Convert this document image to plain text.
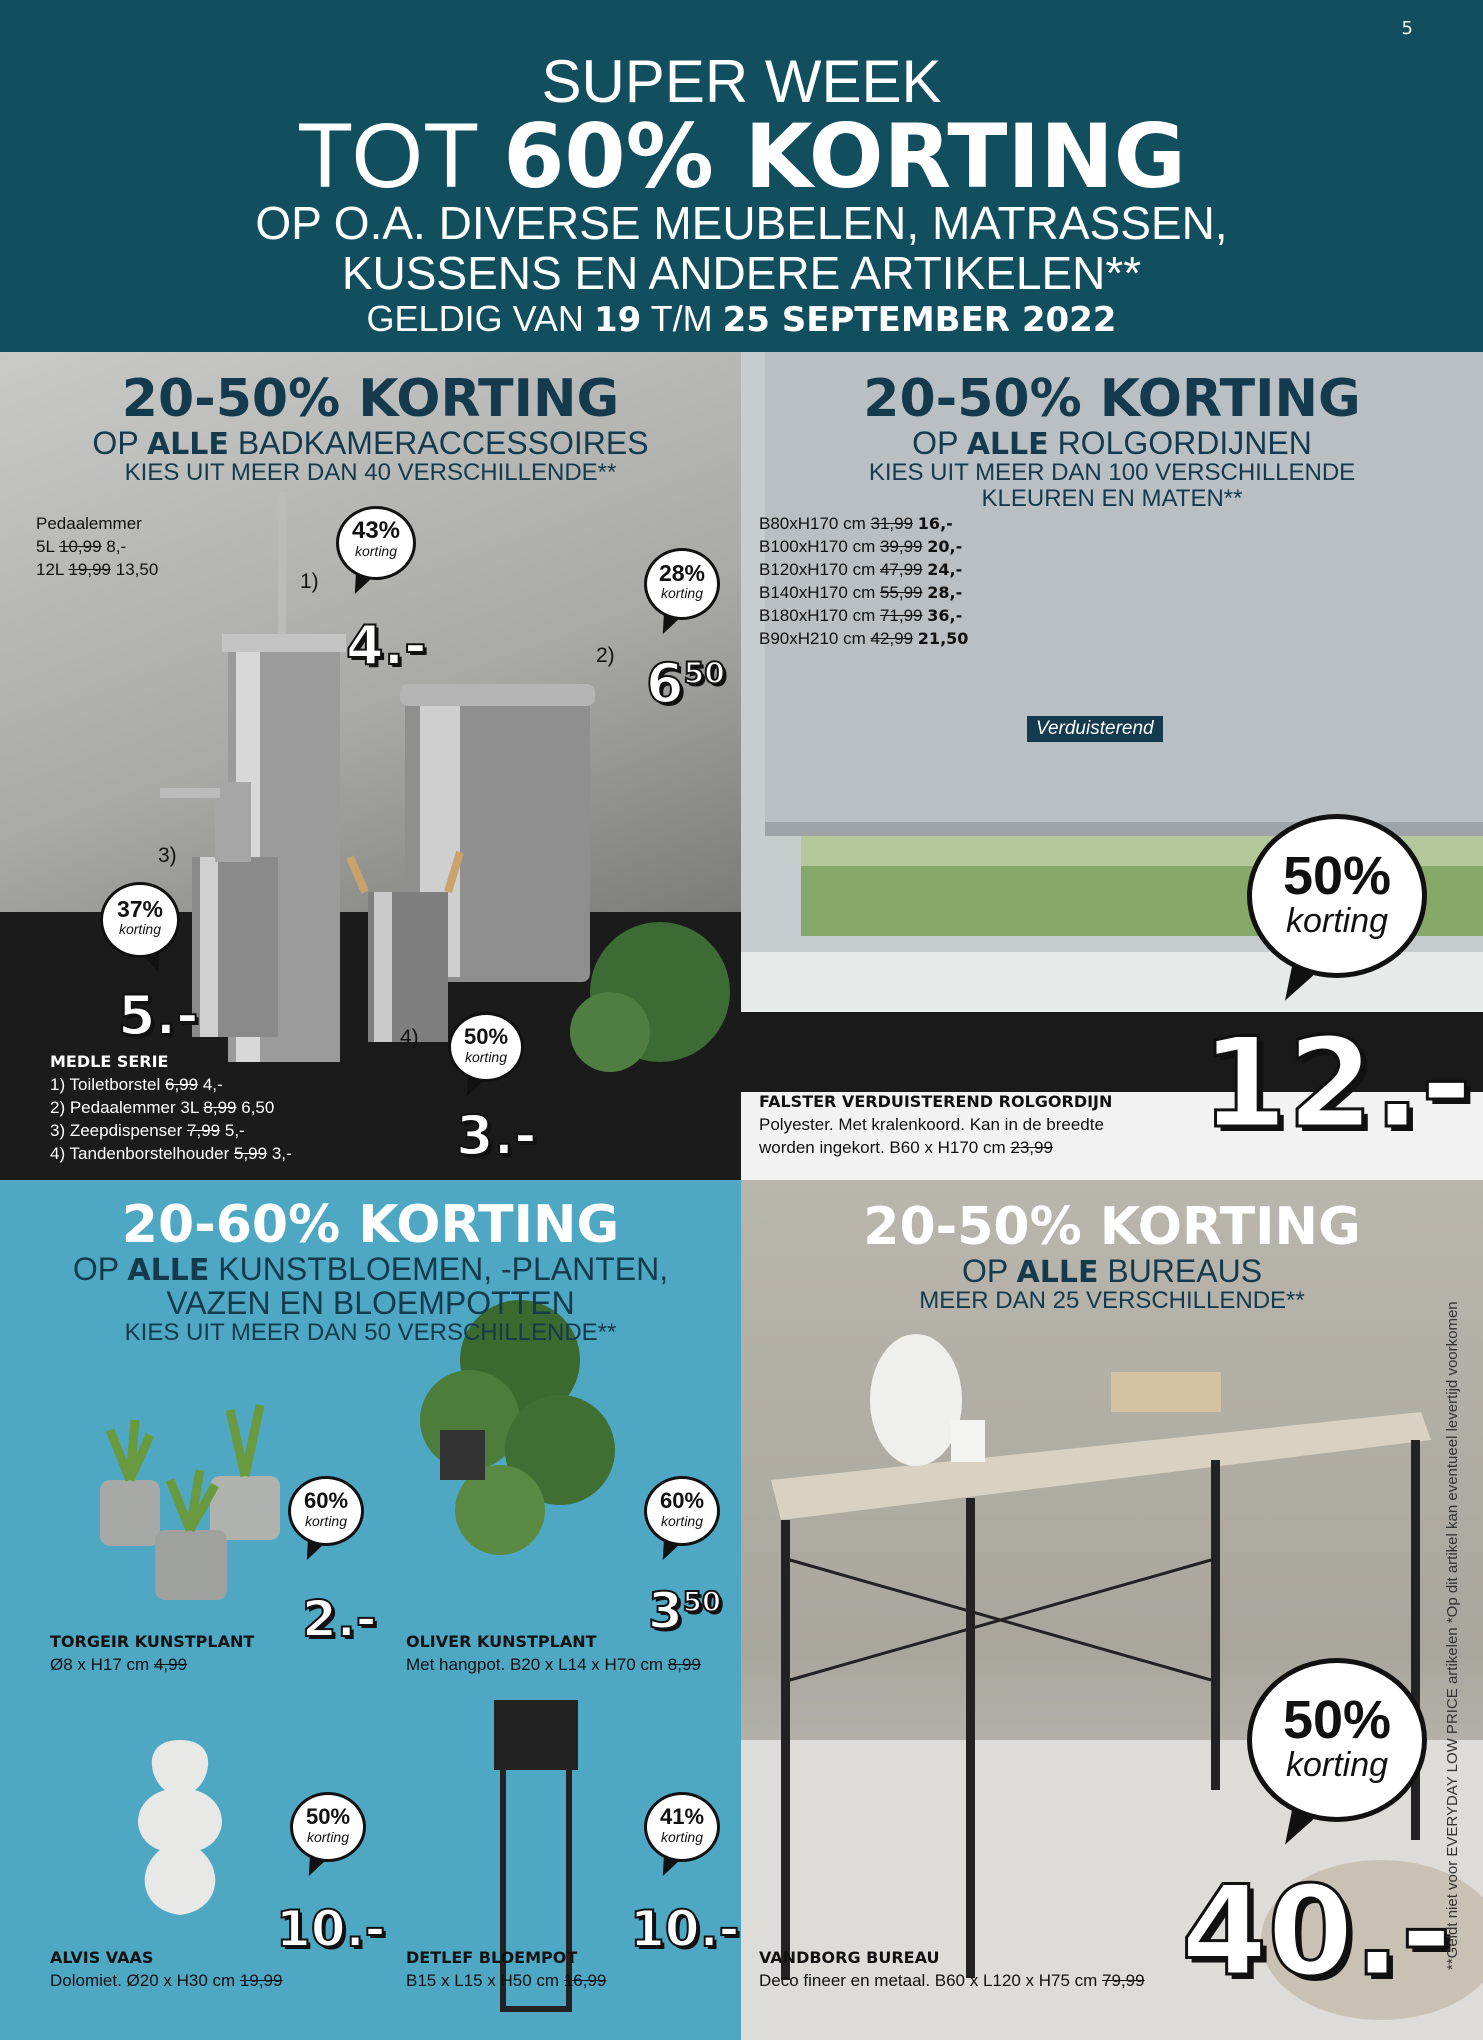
5
SUPER WEEK
TOT 60% KORTING
OP O.A. DIVERSE MEUBELEN, MATRASSEN,
KUSSENS EN ANDERE ARTIKELEN**
GELDIG VAN 19 T/M 25 SEPTEMBER 2022
20-50% KORTING
OP ALLE BADKAMERACCESSOIRES
KIES UIT MEER DAN 40 VERSCHILLENDE**
Pedaalemmer
5L 10,99 8,-
12L 19,99 13,50
1)
2)
3)
4)
43%
korting
4.-
28%
korting
$6^{50}$
37%
korting
5.-	50%
korting
3.-
MEDLE SERIE
1) Toiletborstel 6,99 4,-
2) Pedaalemmer 3L 8,99 6,50
3) Zeepdispenser 7,99 5,-
4) Tandenborstelhouder 5,99 3,-
20-50% KORTING
OP ALLE ROLGORDIJNEN
KIES UIT MEER DAN 100 VERSCHILLENDE
KLEUREN EN MATEN**
B80xH170 cm 31,99 16,-
B100xH170 cm 39,99 20,-
B120xH170 cm 47,99 24,-
B140xH170 cm 55,99 28,-
B180xH170 cm 71,99 36,-
B90xH210 cm 42,99 21,50
Verduisterend
50%
korting
12.-
FALSTER VERDUISTEREND ROLGORDIJN
Polyester. Met kralenkoord. Kan in de breedte
worden ingekort. B60 x H170 cm 23,99
20-60% KORTING
OP ALLE KUNSTBLOEMEN, -PLANTEN,
VAZEN EN BLOEMPOTTEN
KIES UIT MEER DAN 50 VERSCHILLENDE**
60%
korting
2.-
TORGEIR KUNSTPLANT
Ø8 x H17 cm 4,99
60%
korting
$3^{50}$
OLIVER KUNSTPLANT
Met hangpot. B20 x L14 x H70 cm 8,99
50%
korting
10.-
ALVIS VAAS
Dolomiet. Ø20 x H30 cm 19,99
41%
korting
10.-
DETLEF BLOEMPOT
B15 x L15 x H50 cm 16,99
20-50% KORTING
OP ALLE BUREAUS
MEER DAN 25 VERSCHILLENDE**
50%
korting
40.-
VANDBORG BUREAU
Deco fineer en metaal. B60 x L120 x H75 cm 79,99
**Geldt niet voor EVERYDAY LOW PRICE artikelen *Op dit artikel kan eventueel levertijd voorkomen
